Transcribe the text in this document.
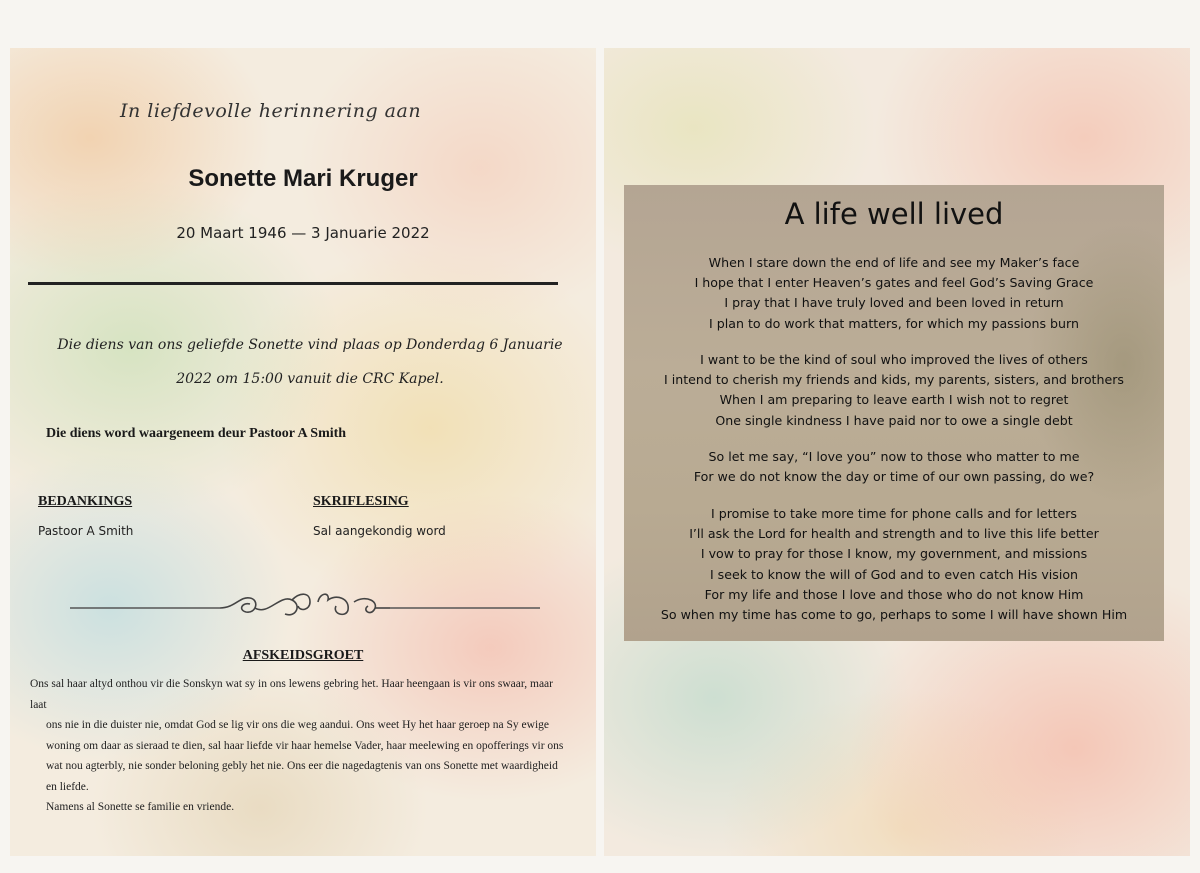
In liefdevolle herinnering aan

Sonette Mari Kruger

20 Maart 1946 — 3 Januarie 2022

Die diens van ons geliefde Sonette vind plaas op Donderdag 6 Januarie
2022 om 15:00 vanuit die CRC Kapel.

Die diens word waargeneem deur Pastoor A Smith

BEDANKINGS

Pastoor A Smith

SKRIFLESING

Sal aangekondig word

AFSKEIDSGROET

Ons sal haar altyd onthou vir die Sonskyn wat sy in ons lewens gebring het. Haar heengaan is vir ons swaar, maar laat
ons nie in die duister nie, omdat God se lig vir ons die weg aandui. Ons weet Hy het haar geroep na Sy ewige
woning om daar as sieraad te dien, sal haar liefde vir haar hemelse Vader, haar meelewing en opofferings vir ons
wat nou agterbly, nie sonder beloning gebly het nie. Ons eer die nagedagtenis van ons Sonette met waardigheid
en liefde.
Namens al Sonette se familie en vriende.

A life well lived

When I stare down the end of life and see my Maker’s face
I hope that I enter Heaven’s gates and feel God’s Saving Grace
I pray that I have truly loved and been loved in return
I plan to do work that matters, for which my passions burn
I want to be the kind of soul who improved the lives of others
I intend to cherish my friends and kids, my parents, sisters, and brothers
When I am preparing to leave earth I wish not to regret
One single kindness I have paid nor to owe a single debt
So let me say, “I love you” now to those who matter to me
For we do not know the day or time of our own passing, do we?
I promise to take more time for phone calls and for letters
I’ll ask the Lord for health and strength and to live this life better
I vow to pray for those I know, my government, and missions
I seek to know the will of God and to even catch His vision
For my life and those I love and those who do not know Him
So when my time has come to go, perhaps to some I will have shown Him
